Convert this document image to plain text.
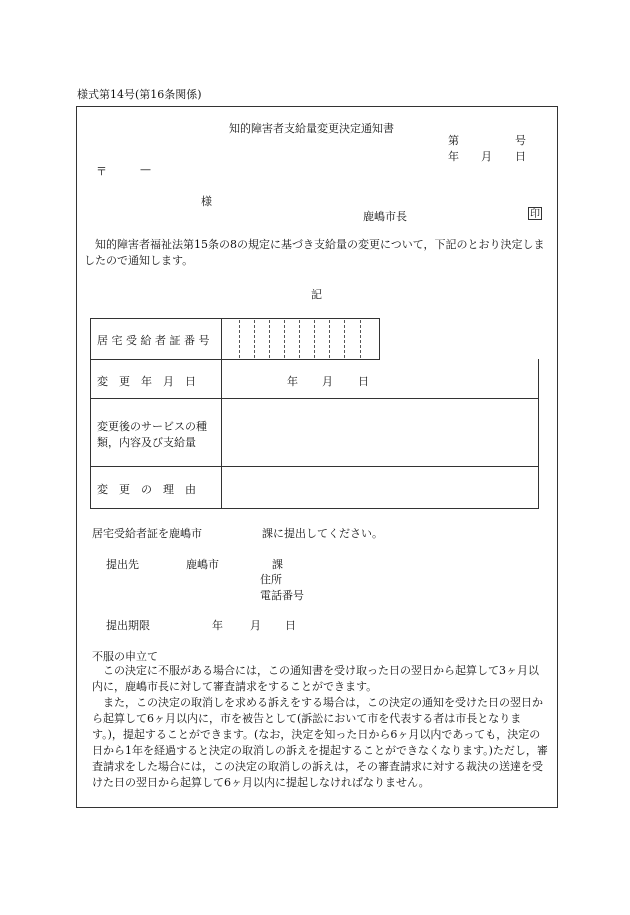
様式第14号(第16条関係)
知的障害者支給量変更決定通知書
第	号
年 月 日
〒	—
様
鹿嶋市長	印
知的障害者福祉法第15条の8の規定に基づき支給量の変更について，下記のとおり決定しましたので通知します。
記
居 宅 受 給 者 証 番 号
変　更　年　月　日	年 月 日
変更後のサービスの種
類，内容及び支給量
変　更　の　理　由
居宅受給者証を鹿嶋市	課に提出してください。
提出先	鹿嶋市	課
住所
電話番号
提出期限	年 月 日
不服の申立て
この決定に不服がある場合には，この通知書を受け取った日の翌日から起算して3ヶ月以内に，鹿嶋市長に対して審査請求をすることができます。
また，この決定の取消しを求める訴えをする場合は，この決定の通知を受けた日の翌日から起算して6ヶ月以内に，市を被告として(訴訟において市を代表する者は市長となります。)，提起することができます。(なお，決定を知った日から6ヶ月以内であっても，決定の日から1年を経過すると決定の取消しの訴えを提起することができなくなります。)ただし，審査請求をした場合には，この決定の取消しの訴えは，その審査請求に対する裁決の送達を受けた日の翌日から起算して6ヶ月以内に提起しなければなりません。
